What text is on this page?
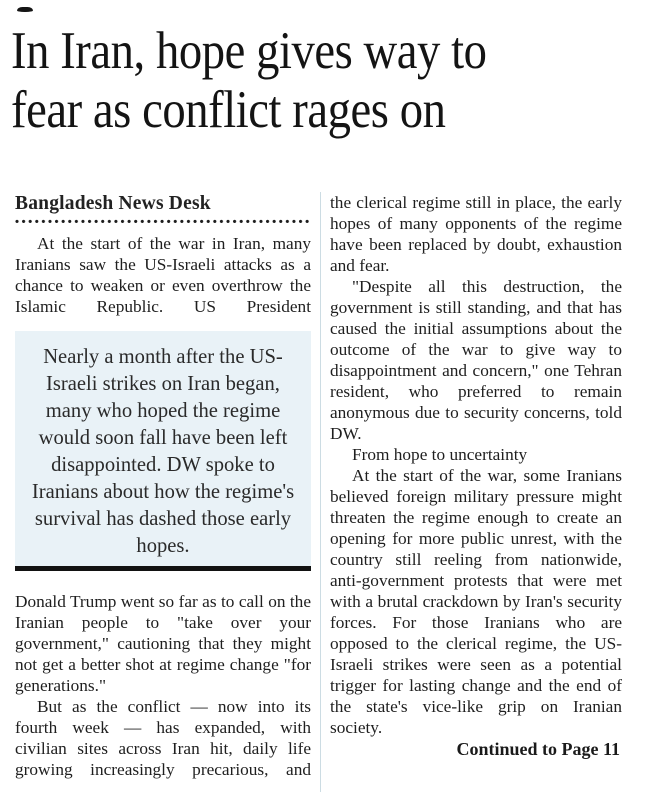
In Iran, hope gives way to
fear as conflict rages on
Bangladesh News Desk

At the start of the war in Iran, many Iranians saw the US-Israeli attacks as a chance to weaken or even overthrow the Islamic Republic. US President

Nearly a month after the US-Israeli strikes on Iran began, many who hoped the regime would soon fall have been left disappointed. DW spoke to Iranians about how the regime's survival has dashed those early hopes.

Donald Trump went so far as to call on the Iranian people to "take over your government," cautioning that they might not get a better shot at regime change "for generations."

But as the conflict — now into its fourth week — has expanded, with civilian sites across Iran hit, daily life growing increasingly precarious, and

the clerical regime still in place, the early hopes of many opponents of the regime have been replaced by doubt, exhaustion and fear.

"Despite all this destruction, the government is still standing, and that has caused the initial assumptions about the outcome of the war to give way to disappointment and concern," one Tehran resident, who preferred to remain anonymous due to security concerns, told DW.

From hope to uncertainty

At the start of the war, some Iranians believed foreign military pressure might threaten the regime enough to create an opening for more public unrest, with the country still reeling from nationwide, anti-government protests that were met with a brutal crackdown by Iran's security forces. For those Iranians who are opposed to the clerical regime, the US-Israeli strikes were seen as a potential trigger for lasting change and the end of the state's vice-like grip on Iranian society.

Continued to Page 11
